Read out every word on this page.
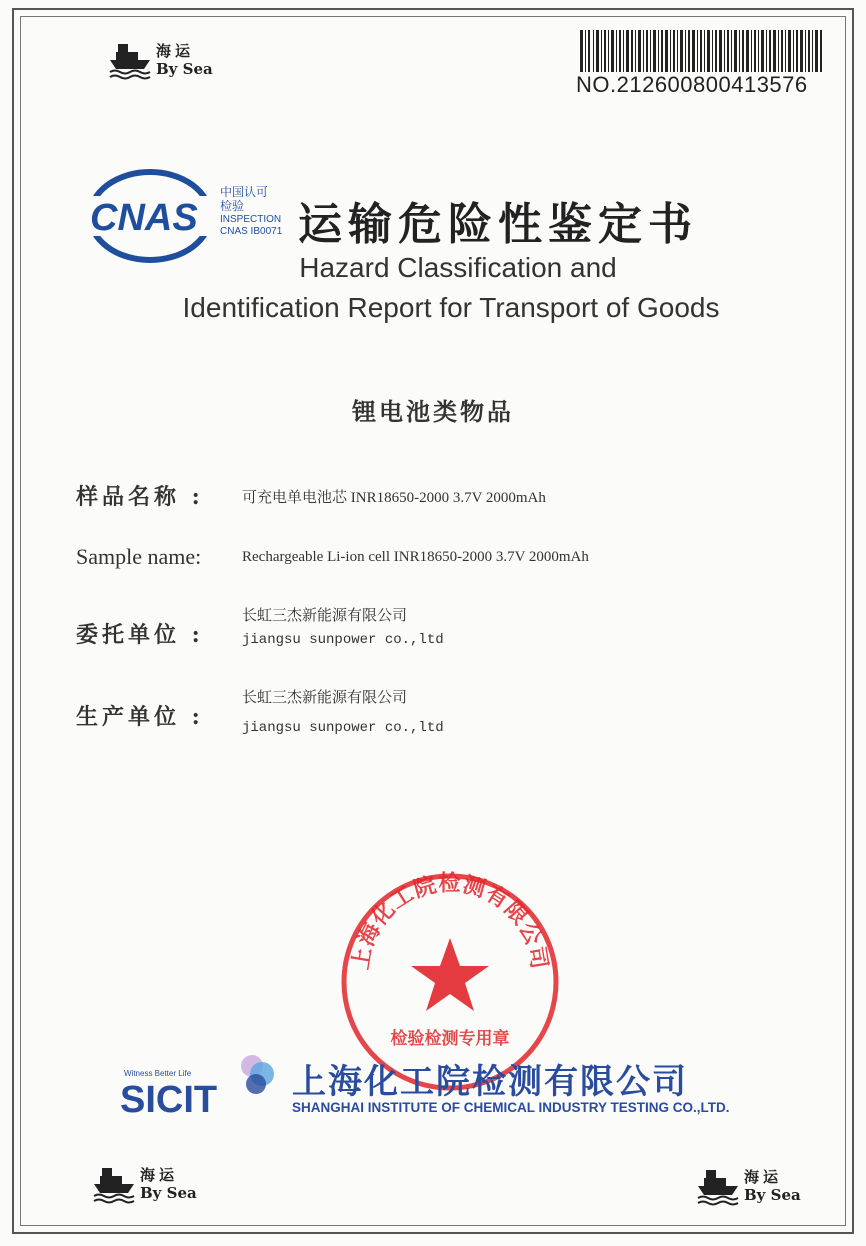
海运
By Sea
NO.212600800413576
CNAS
中国认可
检验
INSPECTION
CNAS IB0071 运输危险性鉴定书
Hazard Classification and
Identification Report for Transport of Goods
锂电池类物品
样品名称 :	可充电单电池芯 INR18650-2000 3.7V 2000mAh
Sample name:	Rechargeable Li-ion cell INR18650-2000 3.7V 2000mAh
委托单位 :
长虹三杰新能源有限公司
jiangsu sunpower co.,ltd
生产单位 :
长虹三杰新能源有限公司
jiangsu sunpower co.,ltd
上海化工院检测有限公司
检验检测专用章
Witness Better Life
SICIT 上海化工院检测有限公司
SHANGHAI INSTITUTE OF CHEMICAL INDUSTRY TESTING CO.,LTD.
海运
By Sea
海运
By Sea
